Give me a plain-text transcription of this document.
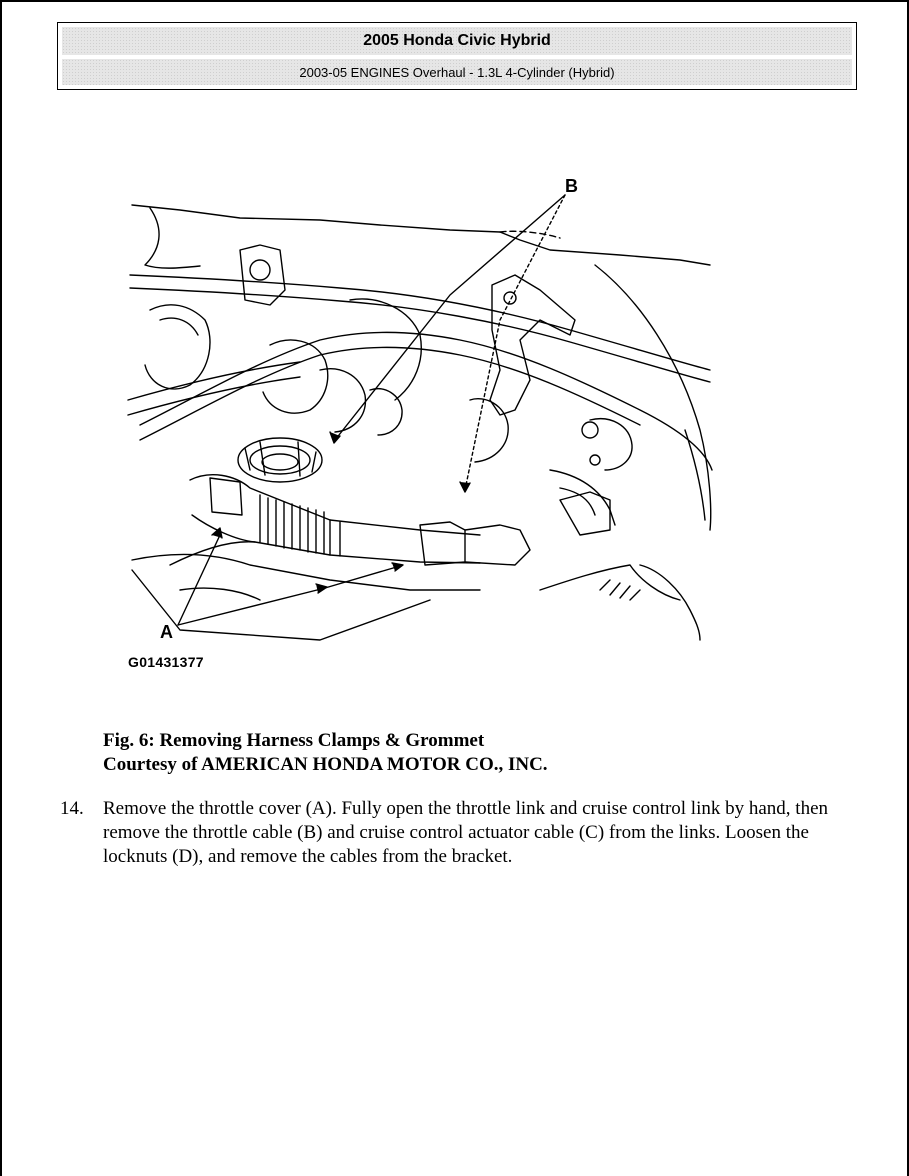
2005 Honda Civic Hybrid
2003-05 ENGINES Overhaul - 1.3L 4-Cylinder (Hybrid)
B
A
G01431377
Fig. 6: Removing Harness Clamps & Grommet
Courtesy of AMERICAN HONDA MOTOR CO., INC.
14.	Remove the throttle cover (A). Fully open the throttle link and cruise control link by hand, then remove the throttle cable (B) and cruise control actuator cable (C) from the links. Loosen the locknuts (D), and remove the cables from the bracket.
